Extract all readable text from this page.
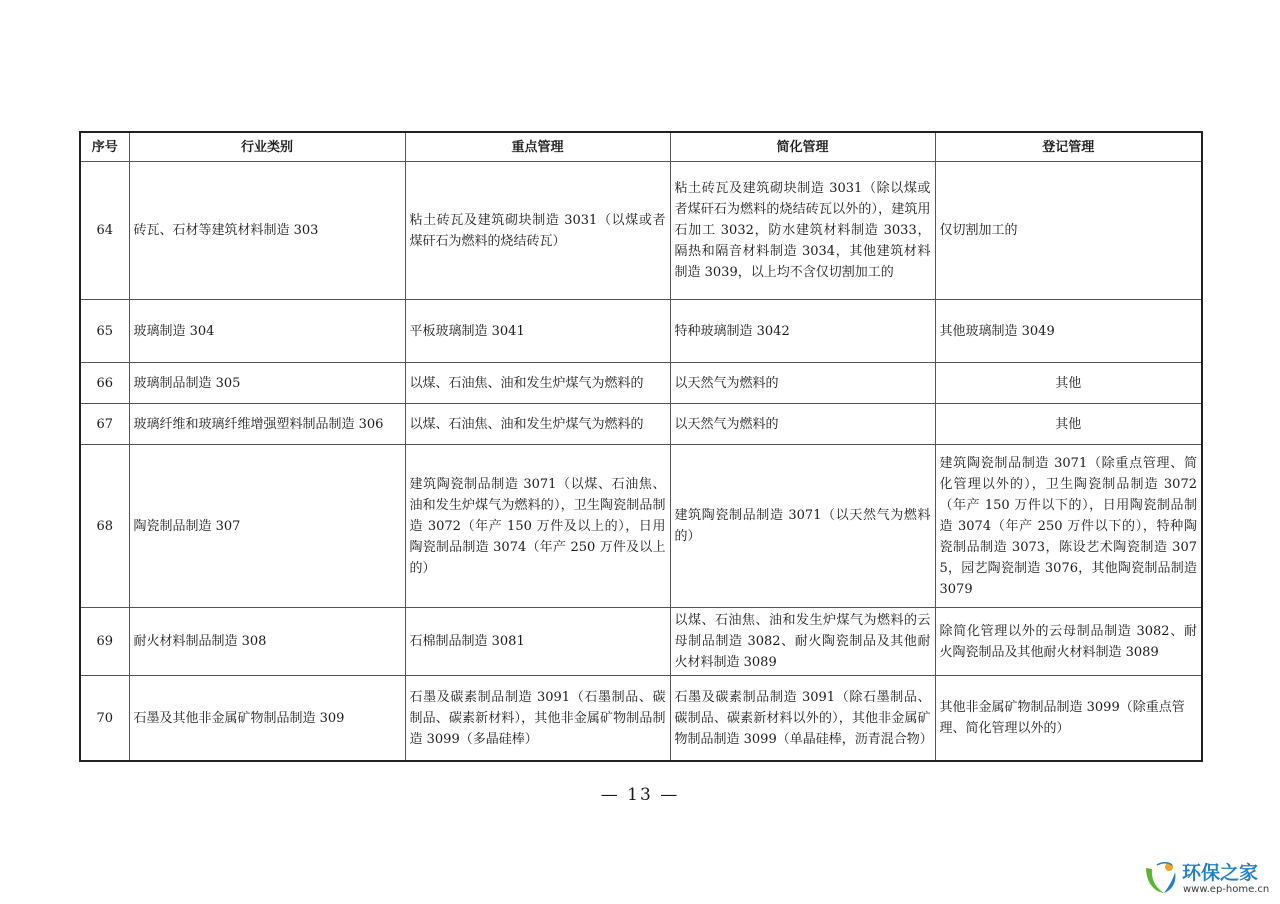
序号	行业类别	重点管理	简化管理	登记管理
64	砖瓦、石材等建筑材料制造 303	粘土砖瓦及建筑砌块制造 3031（以煤或者煤矸石为燃料的烧结砖瓦）	粘土砖瓦及建筑砌块制造 3031（除以煤或者煤矸石为燃料的烧结砖瓦以外的），建筑用石加工 3032，防水建筑材料制造 3033，隔热和隔音材料制造 3034，其他建筑材料制造 3039，以上均不含仅切割加工的	仅切割加工的
65	玻璃制造 304	平板玻璃制造 3041	特种玻璃制造 3042	其他玻璃制造 3049
66	玻璃制品制造 305	以煤、石油焦、油和发生炉煤气为燃料的	以天然气为燃料的	其他
67	玻璃纤维和玻璃纤维增强塑料制品制造 306	以煤、石油焦、油和发生炉煤气为燃料的	以天然气为燃料的	其他
68	陶瓷制品制造 307	建筑陶瓷制品制造 3071（以煤、石油焦、油和发生炉煤气为燃料的），卫生陶瓷制品制造 3072（年产 150 万件及以上的），日用陶瓷制品制造 3074（年产 250 万件及以上的）	建筑陶瓷制品制造 3071（以天然气为燃料的）	建筑陶瓷制品制造 3071（除重点管理、简化管理以外的），卫生陶瓷制品制造 3072（年产 150 万件以下的），日用陶瓷制品制造 3074（年产 250 万件以下的），特种陶瓷制品制造 3073，陈设艺术陶瓷制造 3075，园艺陶瓷制造 3076，其他陶瓷制品制造 3079
69	耐火材料制品制造 308	石棉制品制造 3081	以煤、石油焦、油和发生炉煤气为燃料的云母制品制造 3082、耐火陶瓷制品及其他耐火材料制造 3089	除简化管理以外的云母制品制造 3082、耐火陶瓷制品及其他耐火材料制造 3089
70	石墨及其他非金属矿物制品制造 309	石墨及碳素制品制造 3091（石墨制品、碳制品、碳素新材料），其他非金属矿物制品制造 3099（多晶硅棒）	石墨及碳素制品制造 3091（除石墨制品、碳制品、碳素新材料以外的），其他非金属矿物制品制造 3099（单晶硅棒，沥青混合物）	其他非金属矿物制品制造 3099（除重点管理、简化管理以外的）
— 13 —
环保之家
www.ep-home.cn
